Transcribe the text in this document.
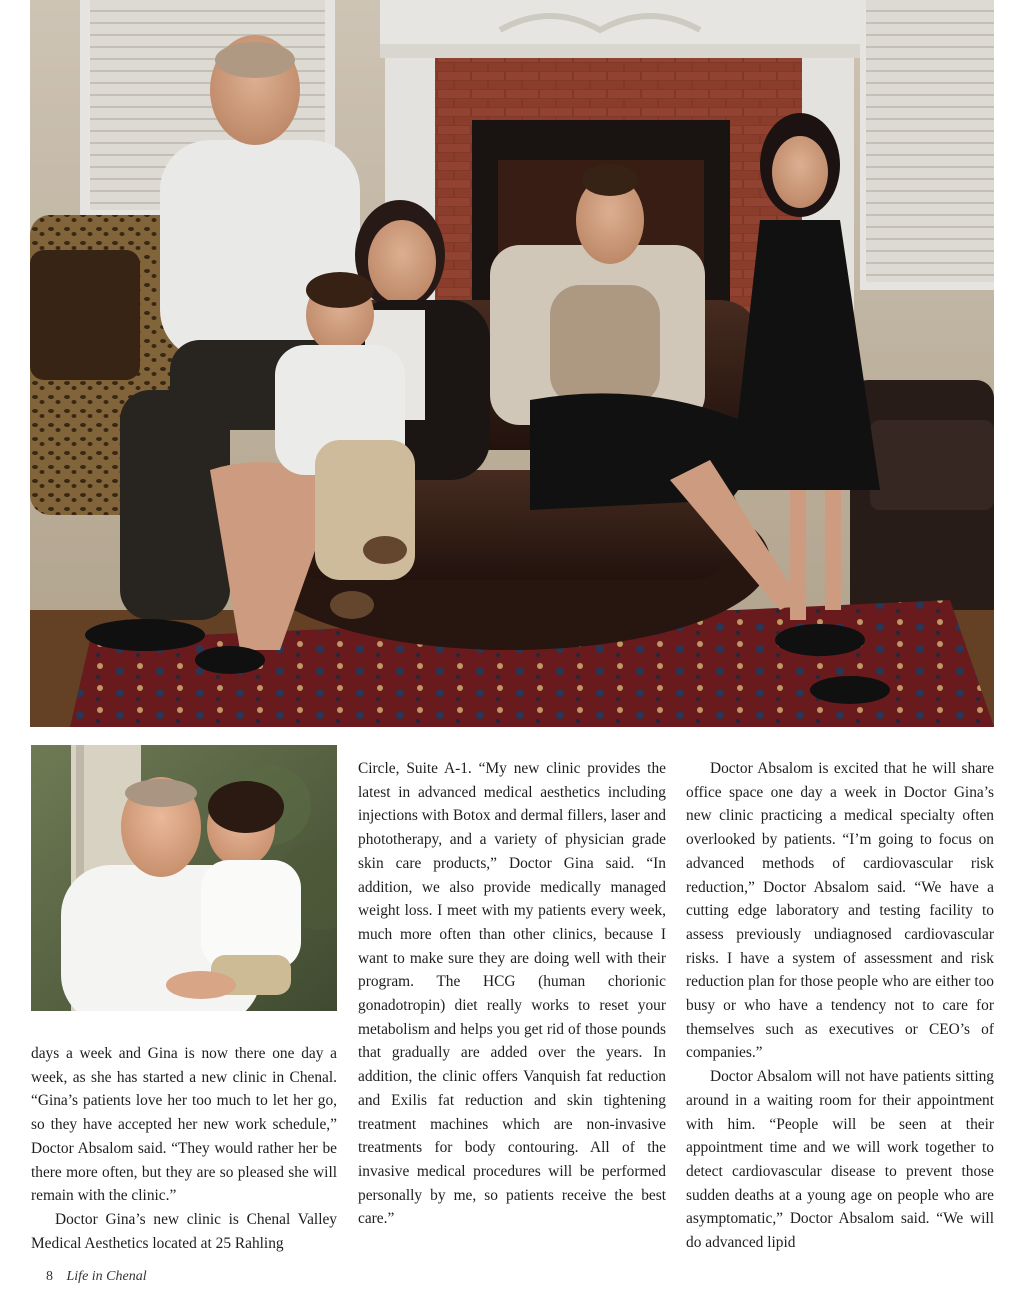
days a week and Gina is now there one day a week, as she has started a new clinic in Chenal. “Gina’s patients love her too much to let her go, so they have accepted her new work schedule,” Doctor Absalom said. “They would rather her be there more often, but they are so pleased she will remain with the clinic.”

Doctor Gina’s new clinic is Chenal Valley Medical Aesthetics located at 25 Rahling

Circle, Suite A-1. “My new clinic provides the latest in advanced medical aesthetics including injections with Botox and dermal fillers, laser and phototherapy, and a variety of physician grade skin care products,” Doctor Gina said. “In addition, we also provide medically managed weight loss. I meet with my patients every week, much more often than other clinics, because I want to make sure they are doing well with their program. The HCG (human chorionic gonadotropin) diet really works to reset your metabolism and helps you get rid of those pounds that gradually are added over the years. In addition, the clinic offers Vanquish fat reduction and Exilis fat reduction and skin tightening treatment machines which are non-invasive treatments for body contouring. All of the invasive medical procedures will be performed personally by me, so patients receive the best care.”

Doctor Absalom is excited that he will share office space one day a week in Doctor Gina’s new clinic practicing a medical specialty often overlooked by patients. “I’m going to focus on advanced methods of cardiovascular risk reduction,” Doctor Absalom said. “We have a cutting edge laboratory and testing facility to assess previously undiagnosed cardiovascular risks. I have a system of assessment and risk reduction plan for those people who are either too busy or who have a tendency not to care for themselves such as executives or CEO’s of companies.”

Doctor Absalom will not have patients sitting around in a waiting room for their appointment with him. “People will be seen at their appointment time and we will work together to detect cardiovascular disease to prevent those sudden deaths at a young age on people who are asymptomatic,” Doctor Absalom said. “We will do advanced lipid

8 Life in Chenal
